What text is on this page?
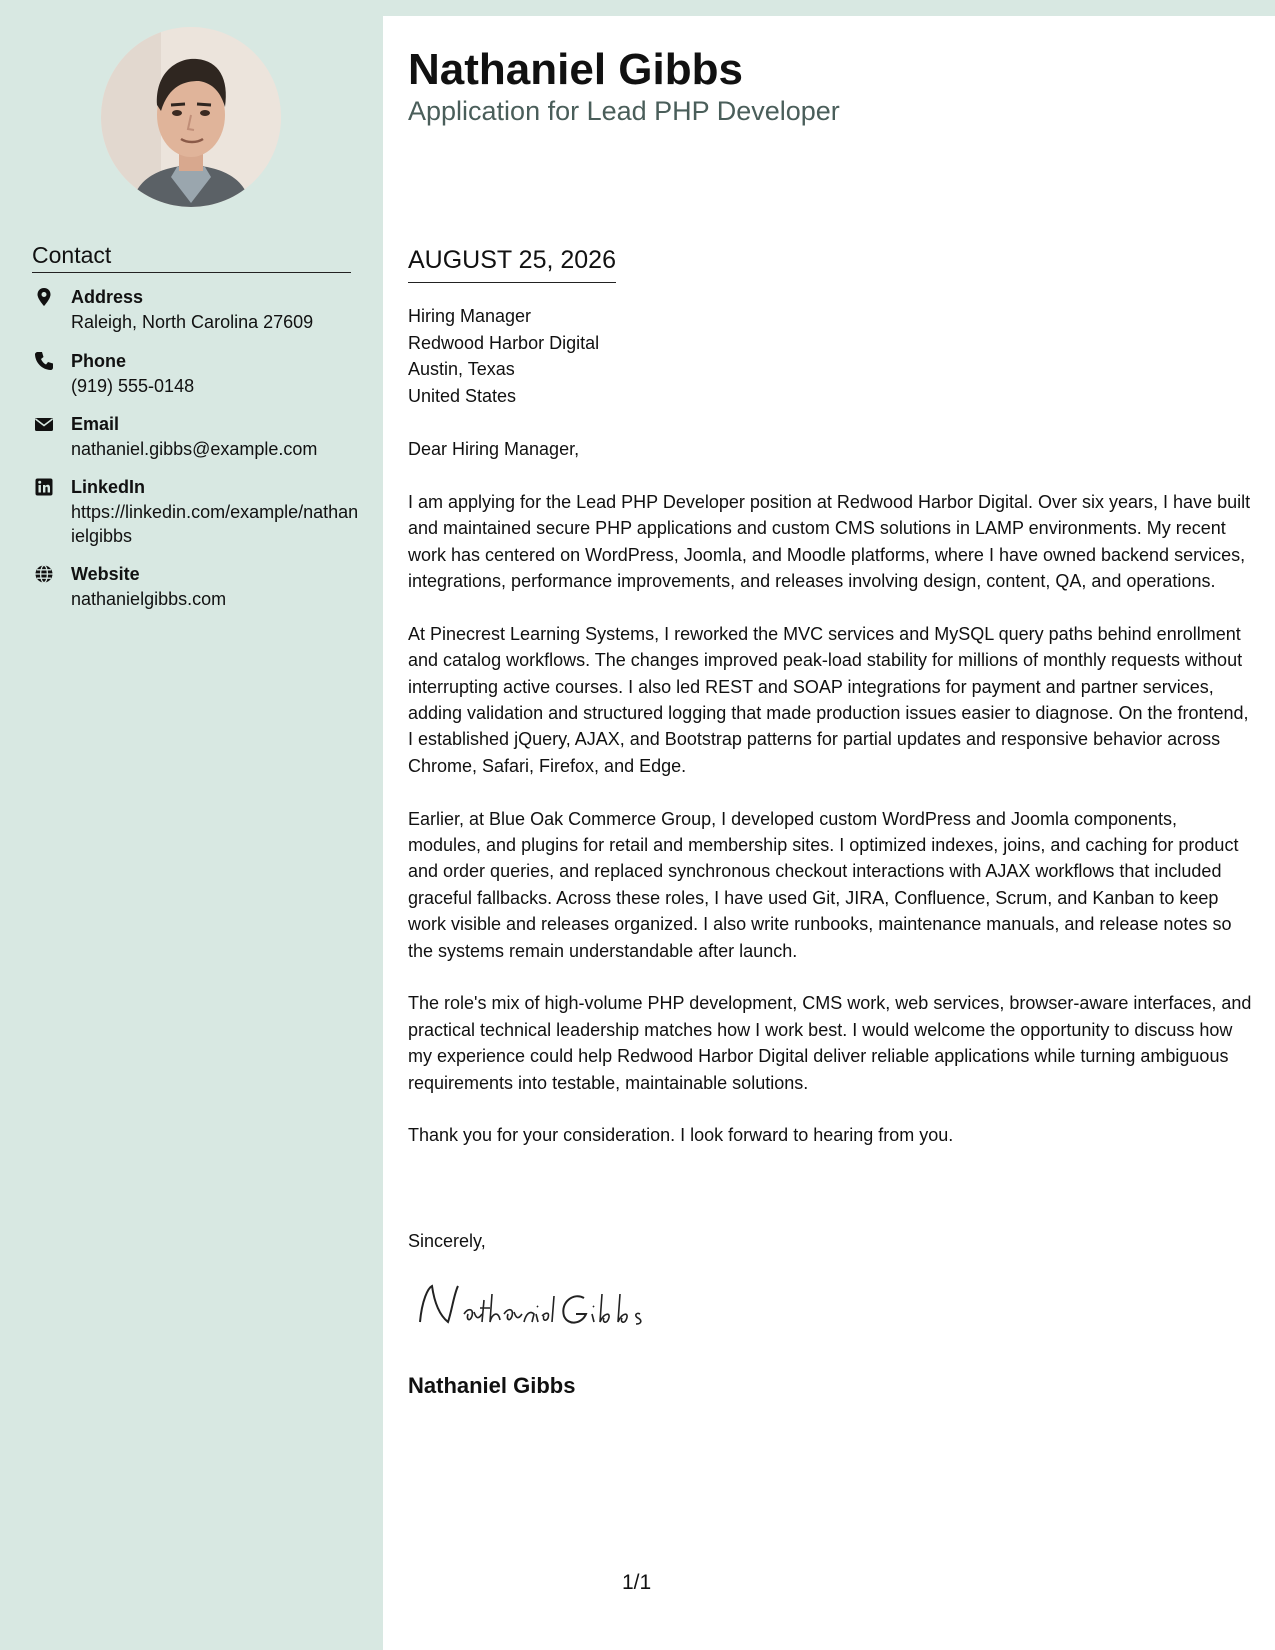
Contact
Address
Raleigh, North Carolina 27609
Phone
(919) 555-0148
Email
nathaniel.gibbs@example.com
LinkedIn
https://linkedin.com/example/nathanielgibbs
Website
nathanielgibbs.com
Nathaniel Gibbs
Application for Lead PHP Developer
AUGUST 25, 2026
Hiring Manager
Redwood Harbor Digital
Austin, Texas
United States

Dear Hiring Manager,

I am applying for the Lead PHP Developer position at Redwood Harbor Digital. Over six years, I have built and maintained secure PHP applications and custom CMS solutions in LAMP environments. My recent work has centered on WordPress, Joomla, and Moodle platforms, where I have owned backend services, integrations, performance improvements, and releases involving design, content, QA, and operations.

At Pinecrest Learning Systems, I reworked the MVC services and MySQL query paths behind enrollment and catalog workflows. The changes improved peak-load stability for millions of monthly requests without interrupting active courses. I also led REST and SOAP integrations for payment and partner services, adding validation and structured logging that made production issues easier to diagnose. On the frontend, I established jQuery, AJAX, and Bootstrap patterns for partial updates and responsive behavior across Chrome, Safari, Firefox, and Edge.

Earlier, at Blue Oak Commerce Group, I developed custom WordPress and Joomla components, modules, and plugins for retail and membership sites. I optimized indexes, joins, and caching for product and order queries, and replaced synchronous checkout interactions with AJAX workflows that included graceful fallbacks. Across these roles, I have used Git, JIRA, Confluence, Scrum, and Kanban to keep work visible and releases organized. I also write runbooks, maintenance manuals, and release notes so the systems remain understandable after launch.

The role's mix of high-volume PHP development, CMS work, web services, browser-aware interfaces, and practical technical leadership matches how I work best. I would welcome the opportunity to discuss how my experience could help Redwood Harbor Digital deliver reliable applications while turning ambiguous requirements into testable, maintainable solutions.

Thank you for your consideration. I look forward to hearing from you.

Sincerely,
Nathaniel Gibbs
1/1
